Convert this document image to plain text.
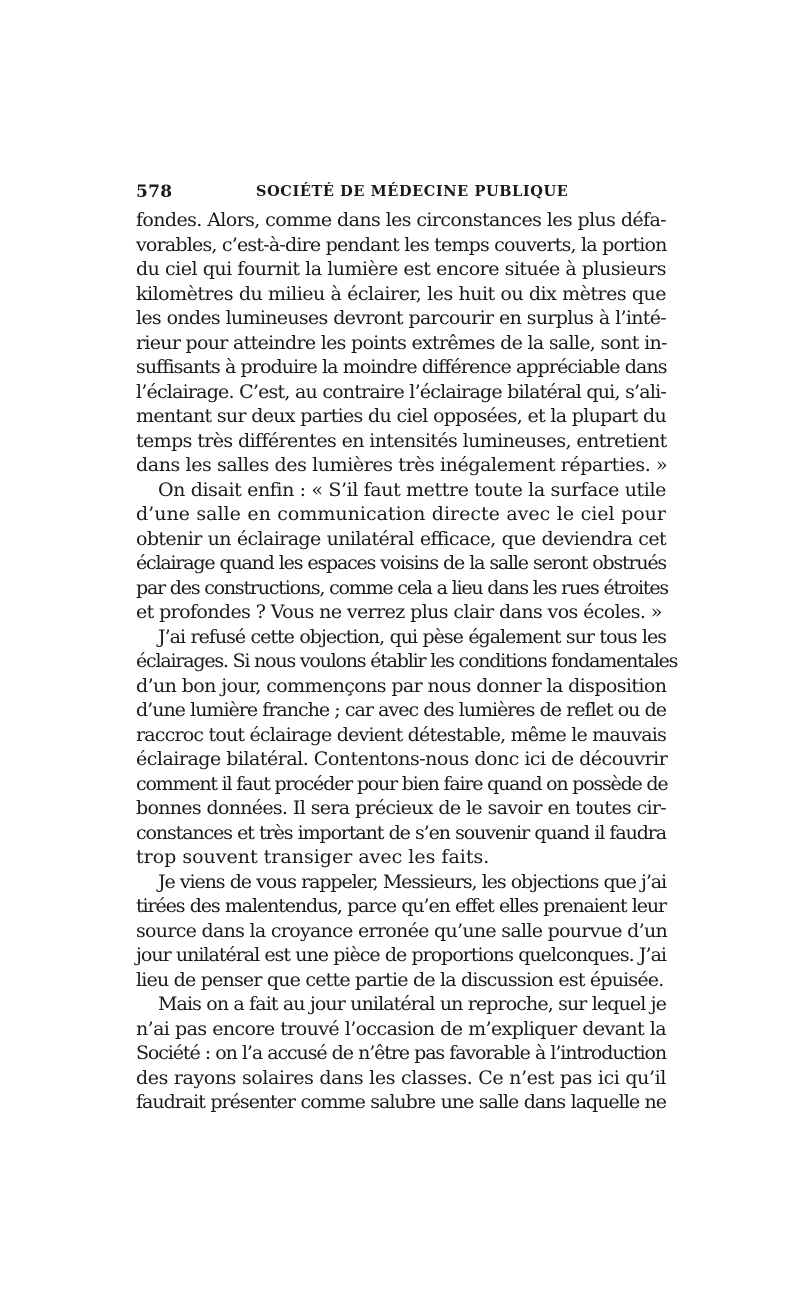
578	SOCIÉTÉ DE MÉDECINE PUBLIQUE
fondes. Alors, comme dans les circonstances les plus défa-
vorables, c’est-à-dire pendant les temps couverts, la portion
du ciel qui fournit la lumière est encore située à plusieurs
kilomètres du milieu à éclairer, les huit ou dix mètres que
les ondes lumineuses devront parcourir en surplus à l’inté-
rieur pour atteindre les points extrêmes de la salle, sont in-
suffisants à produire la moindre différence appréciable dans
l’éclairage. C’est, au contraire l’éclairage bilatéral qui, s’ali-
mentant sur deux parties du ciel opposées, et la plupart du
temps très différentes en intensités lumineuses, entretient
dans les salles des lumières très inégalement réparties. »
On disait enfin : « S’il faut mettre toute la surface utile
d’une salle en communication directe avec le ciel pour
obtenir un éclairage unilatéral efficace, que deviendra cet
éclairage quand les espaces voisins de la salle seront obstrués
par des constructions, comme cela a lieu dans les rues étroites
et profondes ? Vous ne verrez plus clair dans vos écoles. »
J’ai refusé cette objection, qui pèse également sur tous les
éclairages. Si nous voulons établir les conditions fondamentales
d’un bon jour, commençons par nous donner la disposition
d’une lumière franche ; car avec des lumières de reflet ou de
raccroc tout éclairage devient détestable, même le mauvais
éclairage bilatéral. Contentons-nous donc ici de découvrir
comment il faut procéder pour bien faire quand on possède de
bonnes données. Il sera précieux de le savoir en toutes cir-
constances et très important de s’en souvenir quand il faudra
trop souvent transiger avec les faits.
Je viens de vous rappeler, Messieurs, les objections que j’ai
tirées des malentendus, parce qu’en effet elles prenaient leur
source dans la croyance erronée qu’une salle pourvue d’un
jour unilatéral est une pièce de proportions quelconques. J’ai
lieu de penser que cette partie de la discussion est épuisée.
Mais on a fait au jour unilatéral un reproche, sur lequel je
n’ai pas encore trouvé l’occasion de m’expliquer devant la
Société : on l’a accusé de n’être pas favorable à l’introduction
des rayons solaires dans les classes. Ce n’est pas ici qu’il
faudrait présenter comme salubre une salle dans laquelle ne
